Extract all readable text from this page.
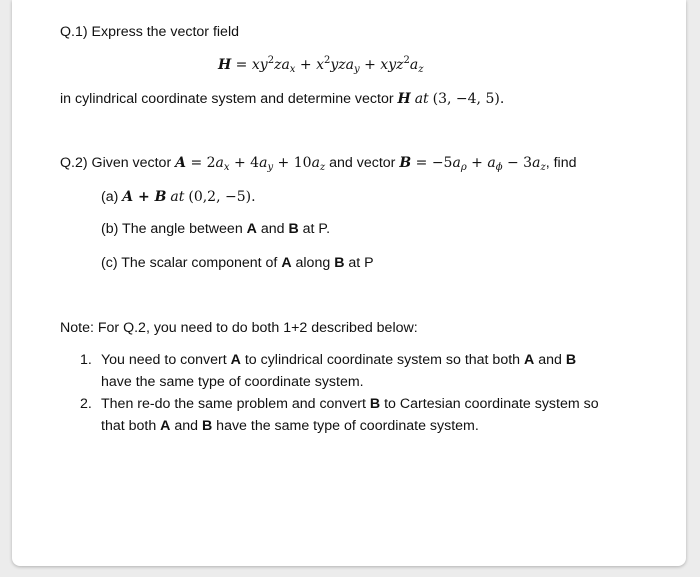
Q.1) Express the vector field
$H = xy^2za_x + x^2yza_y + xyz^2a_z$
in cylindrical coordinate system and determine vector H at (3, −4, 5).
Q.2) Given vector $A = 2a_x + 4a_y + 10a_z$ and vector $B = -5a_\rho + a_\phi - 3a_z$, find
(a) A + B at (0,2, −5).
(b) The angle between A and B at P.
(c) The scalar component of A along B at P
Note: For Q.2, you need to do both 1+2 described below:
1. You need to convert A to cylindrical coordinate system so that both A and B
have the same type of coordinate system.
2. Then re-do the same problem and convert B to Cartesian coordinate system so
that both A and B have the same type of coordinate system.
